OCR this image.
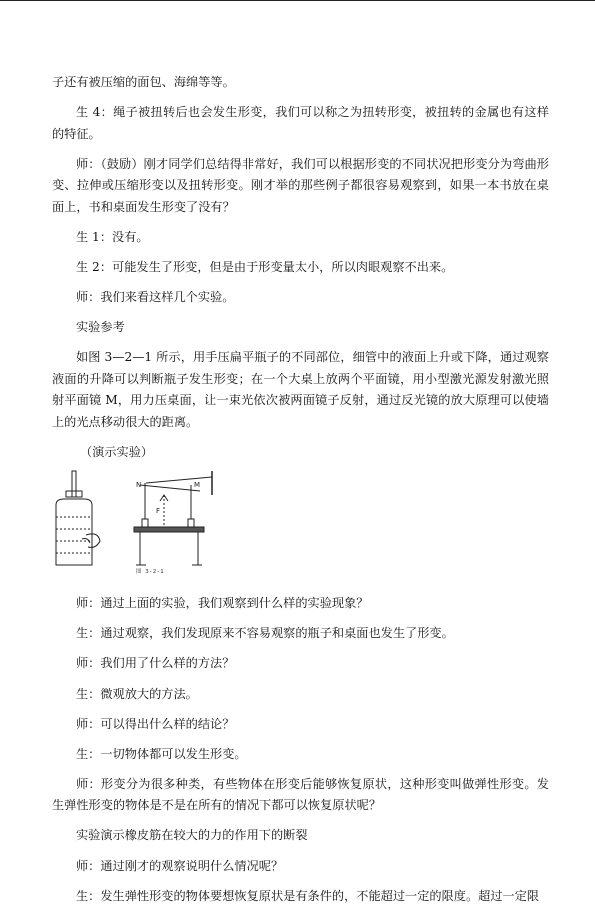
子还有被压缩的面包、海绵等等。

生 4：绳子被扭转后也会发生形变，我们可以称之为扭转形变，被扭转的金属也有这样的特征。

师：（鼓励）刚才同学们总结得非常好，我们可以根据形变的不同状况把形变分为弯曲形变、拉伸或压缩形变以及扭转形变。刚才举的那些例子都很容易观察到，如果一本书放在桌面上，书和桌面发生形变了没有？

生 1：没有。

生 2：可能发生了形变，但是由于形变量太小，所以肉眼观察不出来。

师：我们来看这样几个实验。

实验参考

如图 3—2—1 所示，用手压扁平瓶子的不同部位，细管中的液面上升或下降，通过观察液面的升降可以判断瓶子发生形变；在一个大桌上放两个平面镜，用小型激光源发射激光照射平面镜 M，用力压桌面，让一束光依次被两面镜子反射，通过反光镜的放大原理可以使墙上的光点移动很大的距离。

（演示实验）

N	M
F
图 3-2-1

师：通过上面的实验，我们观察到什么样的实验现象？

生：通过观察，我们发现原来不容易观察的瓶子和桌面也发生了形变。

师：我们用了什么样的方法？

生：微观放大的方法。

师：可以得出什么样的结论？

生：一切物体都可以发生形变。

师：形变分为很多种类，有些物体在形变后能够恢复原状，这种形变叫做弹性形变。发生弹性形变的物体是不是在所有的情况下都可以恢复原状呢？

实验演示橡皮筋在较大的力的作用下的断裂

师：通过刚才的观察说明什么情况呢？

生：发生弹性形变的物体要想恢复原状是有条件的，不能超过一定的限度。超过一定限
